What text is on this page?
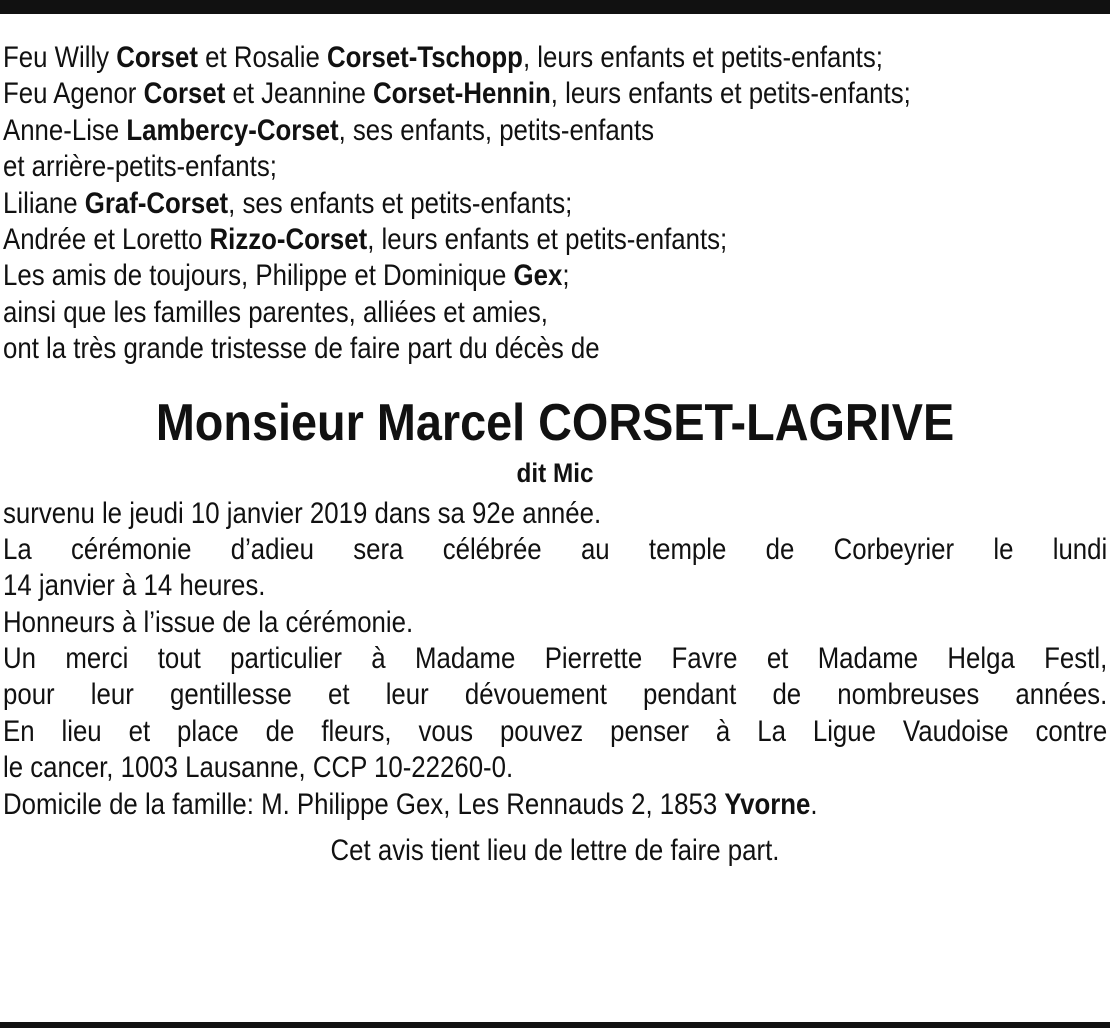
Feu Willy Corset et Rosalie Corset-Tschopp, leurs enfants et petits-enfants;
Feu Agenor Corset et Jeannine Corset-Hennin, leurs enfants et petits-enfants;
Anne-Lise Lambercy-Corset, ses enfants, petits-enfants
et arrière-petits-enfants;
Liliane Graf-Corset, ses enfants et petits-enfants;
Andrée et Loretto Rizzo-Corset, leurs enfants et petits-enfants;
Les amis de toujours, Philippe et Dominique Gex;
ainsi que les familles parentes, alliées et amies,
ont la très grande tristesse de faire part du décès de
Monsieur Marcel CORSET-LAGRIVE
dit Mic
survenu le jeudi 10 janvier 2019 dans sa 92e année.
La cérémonie d’adieu sera célébrée au temple de Corbeyrier le lundi
14 janvier à 14 heures.
Honneurs à l’issue de la cérémonie.
Un merci tout particulier à Madame Pierrette Favre et Madame Helga Festl,
pour leur gentillesse et leur dévouement pendant de nombreuses années.
En lieu et place de fleurs, vous pouvez penser à La Ligue Vaudoise contre
le cancer, 1003 Lausanne, CCP 10-22260-0.
Domicile de la famille: M. Philippe Gex, Les Rennauds 2, 1853 Yvorne.
Cet avis tient lieu de lettre de faire part.
